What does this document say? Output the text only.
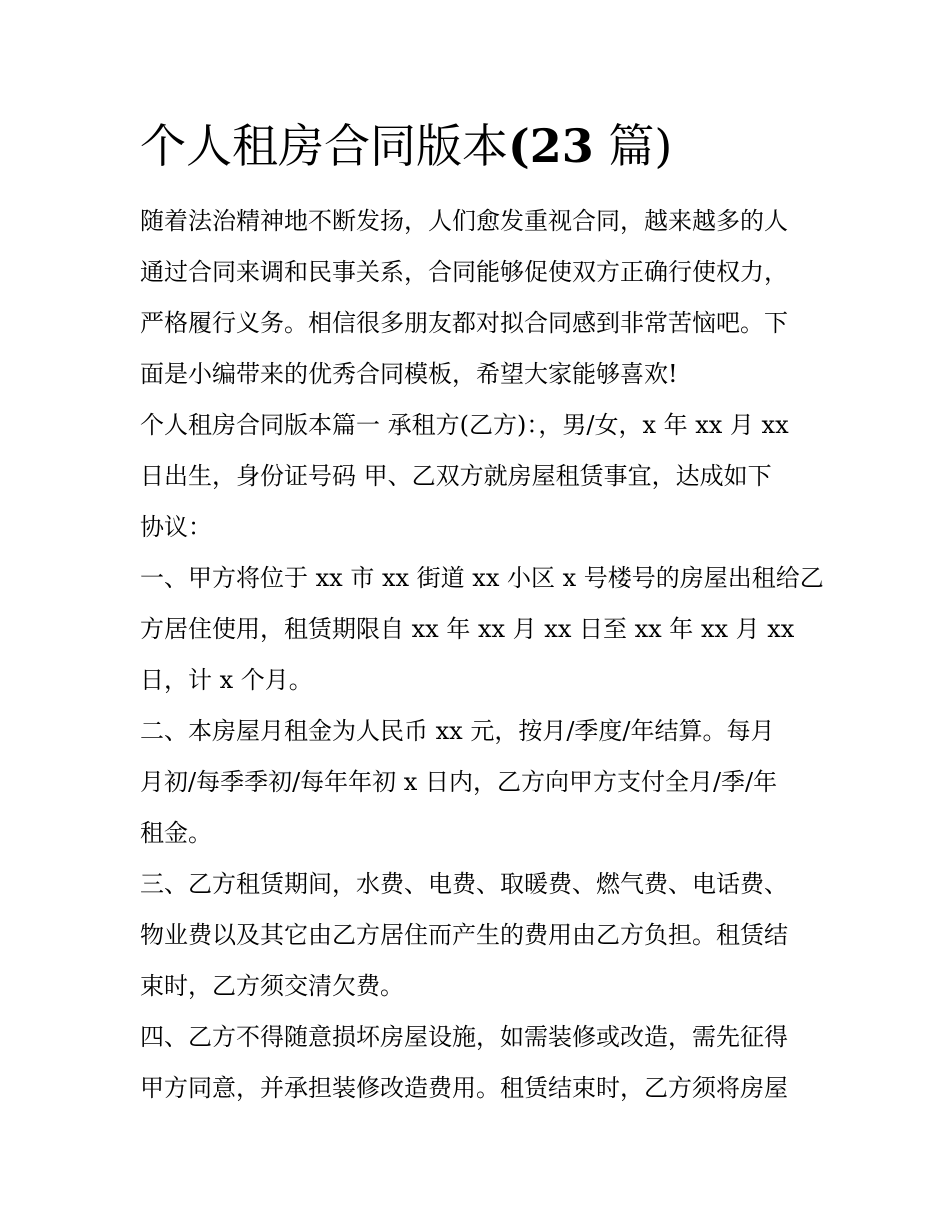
个人租房合同版本(23 篇)
随着法治精神地不断发扬，人们愈发重视合同，越来越多的人
通过合同来调和民事关系，合同能够促使双方正确行使权力，
严格履行义务。相信很多朋友都对拟合同感到非常苦恼吧。下
面是小编带来的优秀合同模板，希望大家能够喜欢!
个人租房合同版本篇一 承租方(乙方)：，男/女，x 年 xx 月 xx
日出生，身份证号码 甲、乙双方就房屋租赁事宜，达成如下
协议：
一、甲方将位于 xx 市 xx 街道 xx 小区 x 号楼号的房屋出租给乙
方居住使用，租赁期限自 xx 年 xx 月 xx 日至 xx 年 xx 月 xx
日，计 x 个月。
二、本房屋月租金为人民币 xx 元，按月/季度/年结算。每月
月初/每季季初/每年年初 x 日内，乙方向甲方支付全月/季/年
租金。
三、乙方租赁期间，水费、电费、取暖费、燃气费、电话费、
物业费以及其它由乙方居住而产生的费用由乙方负担。租赁结
束时，乙方须交清欠费。
四、乙方不得随意损坏房屋设施，如需装修或改造，需先征得
甲方同意，并承担装修改造费用。租赁结束时，乙方须将房屋
